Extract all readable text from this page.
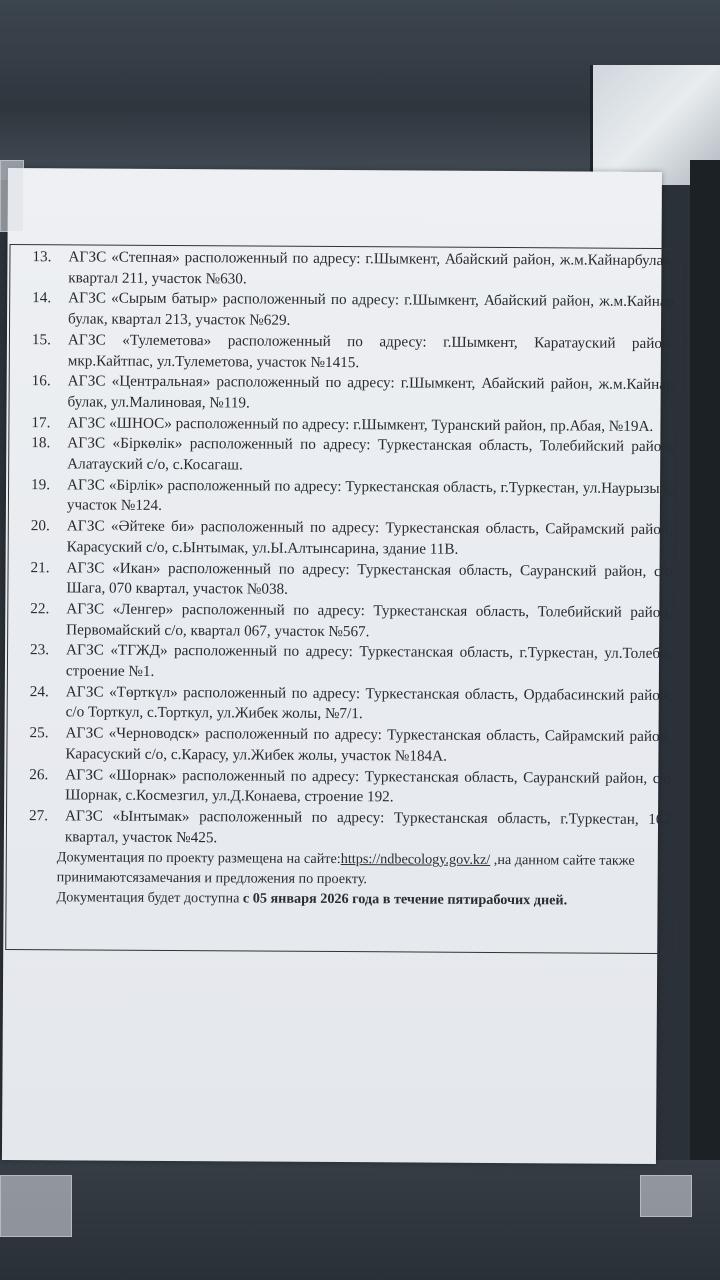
13. АГЗС «Степная» расположенный по адресу: г.Шымкент, Абайский район, ж.м.Кайнарбулак, квартал 211, участок №630.
14. АГЗС «Сырым батыр» расположенный по адресу: г.Шымкент, Абайский район, ж.м.Кайнар булак, квартал 213, участок №629.
15. АГЗС «Тулеметова» расположенный по адресу: г.Шымкент, Каратауский район, мкр.Кайтпас, ул.Тулеметова, участок №1415.
16. АГЗС «Центральная» расположенный по адресу: г.Шымкент, Абайский район, ж.м.Кайнар булак, ул.Малиновая, №119.
17. АГЗС «ШНОС» расположенный по адресу: г.Шымкент, Туранский район, пр.Абая, №19А.
18. АГЗС «Біркөлік» расположенный по адресу: Туркестанская область, Толебийский район, Алатауский с/о, с.Косагаш.
19. АГЗС «Бірлік» расположенный по адресу: Туркестанская область, г.Туркестан, ул.Наурызым, участок №124.
20. АГЗС «Әйтеке би» расположенный по адресу: Туркестанская область, Сайрамский район, Карасуский с/о, с.Ынтымак, ул.Ы.Алтынсарина, здание 11В.
21. АГЗС «Икан» расположенный по адресу: Туркестанская область, Сауранский район, с/о Шага, 070 квартал, участок №038.
22. АГЗС «Ленгер» расположенный по адресу: Туркестанская область, Толебийский район, Первомайский с/о, квартал 067, участок №567.
23. АГЗС «ТГЖД» расположенный по адресу: Туркестанская область, г.Туркестан, ул.Толеби, строение №1.
24. АГЗС «Төрткүл» расположенный по адресу: Туркестанская область, Ордабасинский район, с/о Торткул, с.Торткул, ул.Жибек жолы, №7/1.
25. АГЗС «Черноводск» расположенный по адресу: Туркестанская область, Сайрамский район, Карасуский с/о, с.Карасу, ул.Жибек жолы, участок №184А.
26. АГЗС «Шорнак» расположенный по адресу: Туркестанская область, Сауранский район, с/о Шорнак, с.Космезгил, ул.Д.Конаева, строение 192.
27. АГЗС «Ынтымак» расположенный по адресу: Туркестанская область, г.Туркестан, 162 квартал, участок №425.
Документация по проекту размещена на сайте:https://ndbecology.gov.kz/ ,на данном сайте также принимаютсязамечания и предложения по проекту.
Документация будет доступна с 05 января 2026 года в течение пятирабочих дней.
